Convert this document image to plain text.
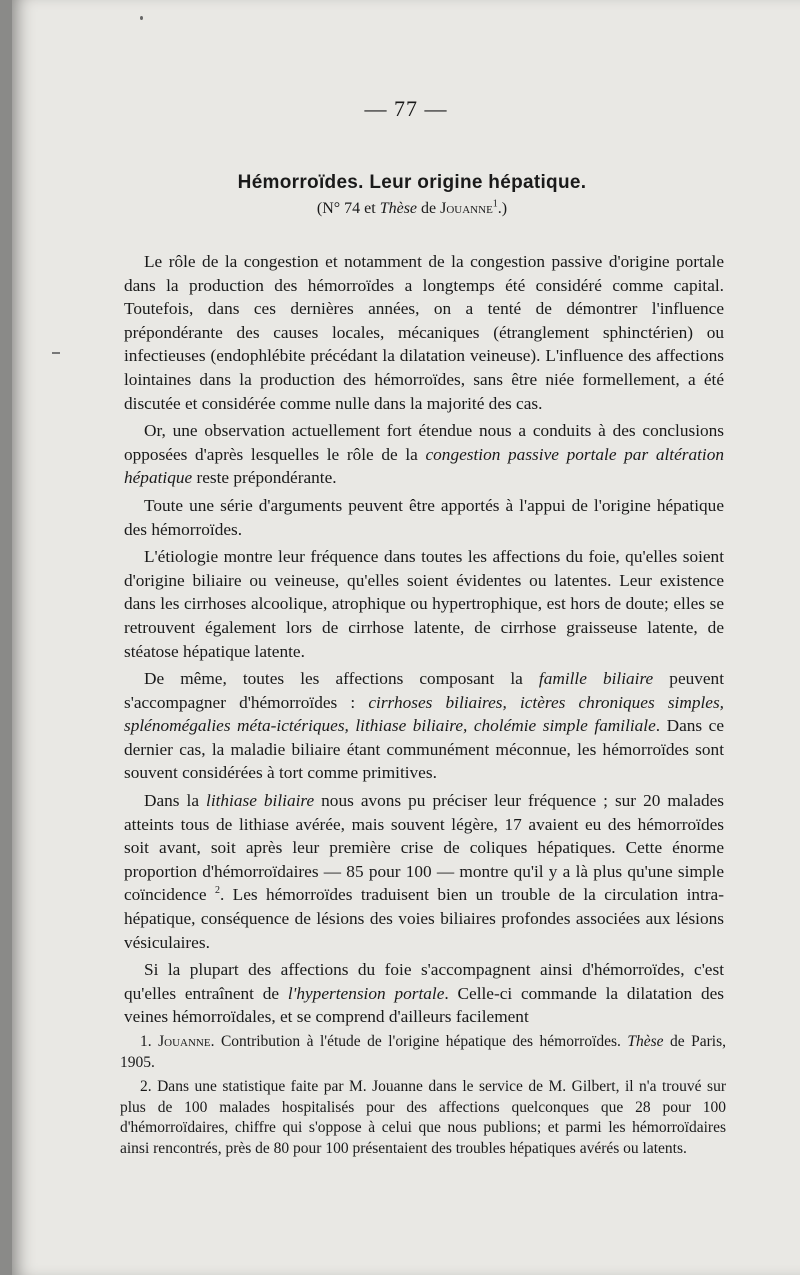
— 77 —
Hémorroïdes. Leur origine hépatique.
(N° 74 et Thèse de Jouanne$^1$.)

Le rôle de la congestion et notamment de la congestion passive d'origine portale dans la production des hémorroïdes a longtemps été considéré comme capital. Toutefois, dans ces dernières années, on a tenté de démontrer l'influence prépondérante des causes locales, mécaniques (étranglement sphinctérien) ou infectieuses (endophlébite précédant la dilatation veineuse). L'influence des affections lointaines dans la production des hémorroïdes, sans être niée formellement, a été discutée et considérée comme nulle dans la majorité des cas.

Or, une observation actuellement fort étendue nous a conduits à des conclusions opposées d'après lesquelles le rôle de la congestion passive portale par altération hépatique reste prépondérante.

Toute une série d'arguments peuvent être apportés à l'appui de l'origine hépatique des hémorroïdes.

L'étiologie montre leur fréquence dans toutes les affections du foie, qu'elles soient d'origine biliaire ou veineuse, qu'elles soient évidentes ou latentes. Leur existence dans les cirrhoses alcoolique, atrophique ou hypertrophique, est hors de doute; elles se retrouvent également lors de cirrhose latente, de cirrhose graisseuse latente, de stéatose hépatique latente.

De même, toutes les affections composant la famille biliaire peuvent s'accompagner d'hémorroïdes : cirrhoses biliaires, ictères chroniques simples, splénomégalies méta-ictériques, lithiase biliaire, cholémie simple familiale. Dans ce dernier cas, la maladie biliaire étant communément méconnue, les hémorroïdes sont souvent considérées à tort comme primitives.

Dans la lithiase biliaire nous avons pu préciser leur fréquence ; sur 20 malades atteints tous de lithiase avérée, mais souvent légère, 17 avaient eu des hémorroïdes soit avant, soit après leur première crise de coliques hépatiques. Cette énorme proportion d'hémorroïdaires — 85 pour 100 — montre qu'il y a là plus qu'une simple coïncidence $^2$. Les hémorroïdes traduisent bien un trouble de la circulation intra-hépatique, conséquence de lésions des voies biliaires profondes associées aux lésions vésiculaires.

Si la plupart des affections du foie s'accompagnent ainsi d'hémorroïdes, c'est qu'elles entraînent de l'hypertension portale. Celle-ci commande la dilatation des veines hémorroïdales, et se comprend d'ailleurs facilement

1. Jouanne. Contribution à l'étude de l'origine hépatique des hémorroïdes. Thèse de Paris, 1905.

2. Dans une statistique faite par M. Jouanne dans le service de M. Gilbert, il n'a trouvé sur plus de 100 malades hospitalisés pour des affections quelconques que 28 pour 100 d'hémorroïdaires, chiffre qui s'oppose à celui que nous publions; et parmi les hémorroïdaires ainsi rencontrés, près de 80 pour 100 présentaient des troubles hépatiques avérés ou latents.
